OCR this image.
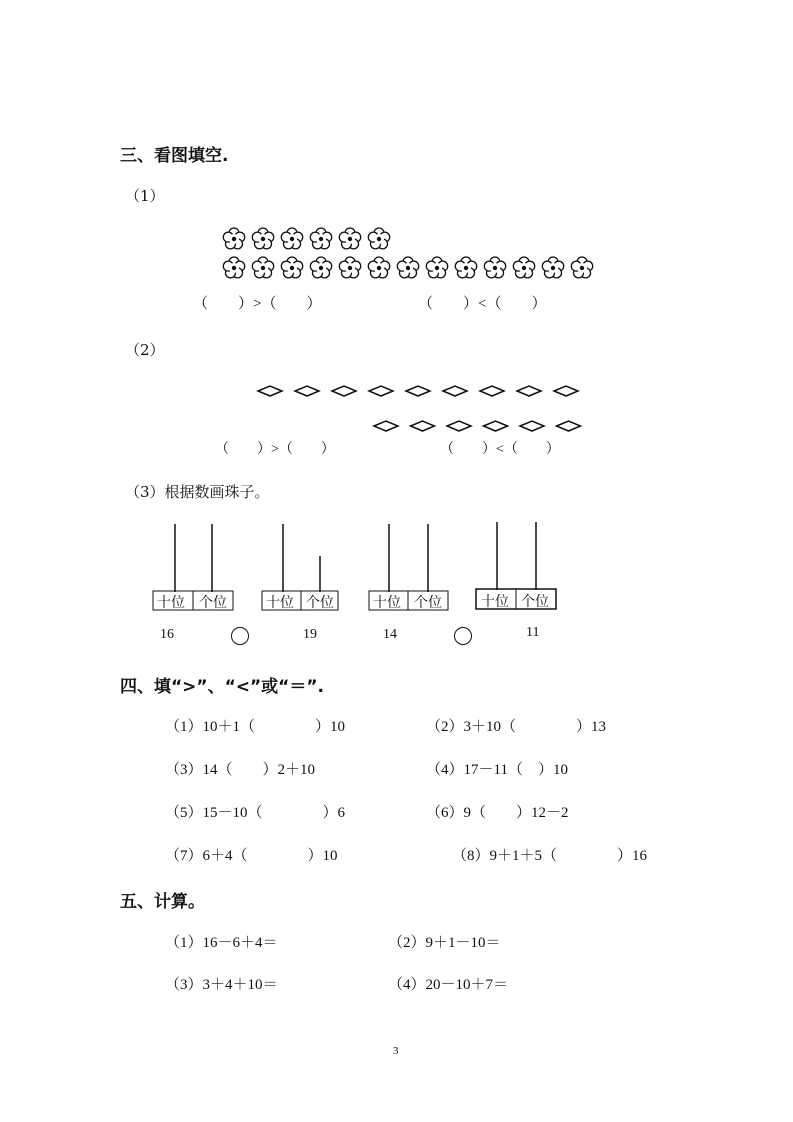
三、看图填空.
（1）
（　　）>（　　）	（　　）<（　　）
（2）
（　　）>（　　）	（　　）<（　　）
（3）根据数画珠子。
十位 个位	十位 个位	十位 个位	十位 个位
16	19	14	11
四、填“>”、“<”或“＝”.
（1）10＋1（　　　　）10	（2）3＋10（　　　　）13
（3）14（　　）2＋10	（4）17－11（　）10
（5）15－10（　　　　）6	（6）9（　　）12－2
（7）6＋4（　　　　）10	（8）9＋1＋5（　　　　）16
五、计算。
（1）16－6＋4＝	（2）9＋1－10＝
（3）3＋4＋10＝	（4）20－10＋7＝
3
